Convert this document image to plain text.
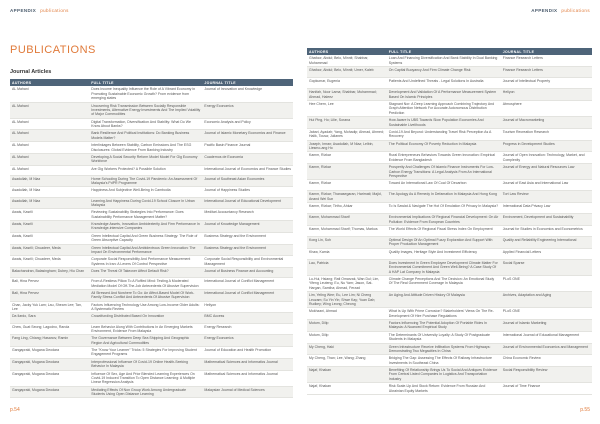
APPENDIX publications
PUBLICATIONS
Journal Articles
AUTHORS	FULL TITLE	JOURNAL TITLE
AL Mahani	Does Income Inequality Influence the Role of A Vibrant Economy in Promoting Sustainable Economic Growth? From evidence from emerging states	Journal of Innovation and Knowledge
AL Mahani	Uncovering Risk Transmission Between Socially Responsible Investments, Alternative Energy Investments And The Implied Volatility of Major Commodities	Energy Economics
AL Mahani	Digital Transformation, Diversification And Stability: What Do We Know About Banks?	Economic Analysis and Policy
AL Mahani	Bank Resilience And Political Institutions: Do Banking Business Models Matter?	Journal of Islamic Monetary Economics and Finance
AL Mahani	Interlinkages Between Stability, Carbon Emissions And The ESG Disclosures: Global Evidence From Banking Industry	Pacific Basin Finance Journal
AL Mahani	Developing A Social Security Reform Model Model For Gig Economy Workforce	Cuadernos de Economia
AL Mahani	Are Gig Workers Protected? A Possible Solution	International Journal of Economics and Finance Studies
Asadullah, M Niaz	Home Schooling During The Covid-19 Pandemic: An Assessment Of Malaysia's PdPR Programme	Journal of Southeast Asian Economies
Asadullah, M Niaz	Happiness And Subjective Well-Being In Cambodia	Journal of Happiness Studies
Asadullah, M Niaz	Learning And Happiness During Covid-19 School Closure In Urban Malaysia	International Journal of Educational Development
Awais, Kasrili	Reviewing Sustainability Strategies Into Performance: Does Sustainability Performance Management Matter?	Meditari Accountancy Research
Awais, Kasrili	Knowledge Assets, Innovation Ambidexterity And Firm Performance In Knowledge-intensive Companies	Journal of Knowledge Management
Awais, Kasrili	Green Intellectual Capital And Green Business Strategy: The Role of Green Absorptive Capacity	Business Strategy and the Environment
Awais, Kasrili; Chuadeer, Meda	Green Intellectual Capital And Ambidextrous Green Innovation: The Impact On Environmental Performance	Business Strategy and the Environment
Awais, Kasrili; Chuadeer, Meda	Corporate Social Responsibility And Performance Measurement Systems In Iran: A Levers Of Control Perspective	Corporate Social Responsibility and Environmental Management
Balachandran, Balasingham; Dubey, Hiu Chan	Does The Threat Of Takeover Affect Default Risk?	Journal of Business Finance and Accounting
Bali, Hina Pervez	From A Restless Pillow To A Ruffled Mind: Testing A Moderated Mediation Model Of Off-The-Job Antecedents Of Abusive Supervision	International Journal of Conflict Management
Bali, Hina Pervez	All Stressed And Nowhere To Go: An Affect-Based Model Of Work-Family Stress Conflict And Antecedents Of Abusive Supervision	International Journal of Conflict Management
Chan, Jacky Yuk Lam; Lau, Sheam Lee; Tan, Lee	Factors Influencing Technology Use Among Low-Income Older Adults: A Systematic Review	Heliyon
Da Ilardo, Sara	Crowdfunding Distributed Based On Innovation	BMC Access
Chew, Guat Seong; Lagodno, Randa	Learn Behavior Along With Contributions In An Emerging Markets Environment, Evidence From Malaysia	Energy Research
Fang Ling, Chiang; Hasanov, Ramin	The Governance Between Deep Sea Shipping And Geographic Region And Agricultural Commodities	Energy Economics
Gangapraki, Mugana Deodara	The "Know Your Learner" Tricks: 5 Strategies For Improving Student Engagement Programs	Journal of Education and Health Promotion
Gangapraki, Mugana Deodara	Interprofessional Influence Of Covid-19 Online Health-Seeking Behavior In Malaysia	Mathematical Sciences and Informatics Journal
Gangapraki, Mugana Deodara	Influence Of Sex, Age And Prior Blended Learning Experiences On Covid-19 Induced Transition To Open Distance Learning: A Multiple Linear Regression Analysis	Mathematical Sciences and Informatics Journal
Gangapraki, Mugana Deodara	Mediating Effects Of Non Group Work Among Undergraduate Students Using Open Distance Learning	Malaysian Journal of Medical Sciences
p.54
APPENDIX publications
AUTHORS	FULL TITLE	JOURNAL TITLE
Ghafoor, Abdul; Belo, Minnit; Shabbar, Muhammad	Loan And Financing Diversification And Bank Stability In Dual Banking Systems	Finance Research Letters
Ghafoor, Abdul; Belo, Minnit; Umer, Kaleb	On Capital Buoyancy And Firm Climate Change Risk	Finance Research Letters
Gopkumar, Eugenia	Patients And Undefined Threats - Legal Solutions In Australia	Journal of Intellectual Property
Hanifah, Noor Lama; Shabbar, Muhammad; Ahmad, Haleez	Development And Validation Of A Performance Measurement System Based On Islamic Principles	Heliyon
Hee Chern, Lee	Stagnant Nor: A Deep Learning Approach Combining Trajectory And Graph Attention Network For Accurate Autonomous Distribution Prediction	Atmosphere
Hui Ping, Ho; Lilie, Sorana	How Aware Is UBS Towards Slow Population Economies And Sustainable Livelihoods	Journal of Macromarketing
Jabari, Ayadah; Yang, Mohadip; Ahmad, Ahmed; Halik, Tousa; Julianes	Covid-19 And Beyond: Understanding Travel Risk Perception As A Recovery	Tourism Recreation Research
Joseph, Imran; Asadullah, M Niaz; Lelbin, Liesmo-ang Ho	The Political Economy Of Poverty Reduction In Malaysia	Progress in Development Studies
Kamm, Rizkar	Rural Entrepreneurs Behaviors Towards Green Innovation: Empirical Evidence From Bangladesh	Journal of Open Innovation: Technology, Market, and Complexity
Kamm, Rizkar	Prosperity And Challenges Of Islamic Finance Instruments For Low-Carbon Energy Transitions: A Legal Analysis From An International Perspective	Journal of Energy and Natural Resources Law
Kamm, Rizkar	Toward An International Law Of Coal Of Decarbon	Journal of East Asia and International Law
Kamm, Rizkar; Thanasegaran, Harimati; Majid, Anand Wei Sun	The Apology As A Remedy In Defamation In Malaysia And Hong Kong	Tort Law Review
Kamm, Rizkar; Tirtho, Ahkar	To Is Sawlat & Navigate The Hot Of Emulation Of Privacy In Malaysia?	International Data Privacy Law
Kamm, Mohammad Sharif	Environmental Implications Of Regional Financial Development: On Air Pollution: Evidence From European Countries	Environment, Development and Sustainability
Kamm, Mohammad Sharif; Thomas, Markus	The World Effects Of Regional Fiscal Stress Index On Employment	Journal for Studies in Economics and Econometrics
Kong Lin, Soh	Optimal Design Of An Optimal Fuzzy Exploration And Support With Proper Production Management	Quality and Reliability Engineering International
Khaw, Kamia	Quality Images, Heritage Style And Investment Efficiency	Applied Financial Letters
Lau, Patricia	Does Investment In Green Employee Development Climate Matter For Environmental Commitment And Green Well-Being? A Case Study Of A HAP Lat Company In Malaysia	Social Sparse
Lu-Hui, Hsiang; Ratl Omarzak, Wan Dul; Lim, Yifeng Leuteng; Eu, Nu Yam; Jason, Sat-Hargan, Samiha; Ahmad, Ferzad	Climate Change Perceptions And The Decision: An Emotional Study Of The Real Government Coverage In Malaysia	PLoS ONE
Lim, Yeling Wee; Eu, Lee Lim; Ni Cheng Leuzam; Su Yin Yin; Shwe Kay; Yuan Dah; Rudkey; Wing Leong; Cheong	An Aging And Attitude Driven History Of Malaysia	Archives, Adaptation and Aging
Mokhzani, Ahmad	What Is Up With Prime Corrosion? Stakeholders' Views On The Re-Development Of Hire Purchase Regulations	PLoS ONE
Mutum, Dilip	Factors Influencing The Potential Adoption Of Portable Rides In Malaysia: A Nuanced Empirical Study	Journal of Islamic Marketing
Mutum, Dilip	The Determinants Of University Loyalty: A Study Of Postgraduate Students In Malaysia	International Journal of Educational Management
My Cheng, Haki	Green Infrastructure Receive Infiltration Systems From Highways: Demonstrating Two Megacities In China	Journal of Environmental Economics and Management
My Cheng, Than; Lee, Wang; Zhang	Bridging The Gap: Assessing The Effects Of Railway Infrastructure Investments In Southeast China	China Economic Review
Najaf, Khakan	Benefiting Of Relationship Brings Us To Social And Antiques Evidence From Central Listed Companies In Logistics And Transportation Industry	Social Responsibility Review
Najaf, Khakan	Risk Scale-Up And Stock Return: Evidence From Russian And Ukrainian Equity Markets	Journal of Time Finance
p.55
